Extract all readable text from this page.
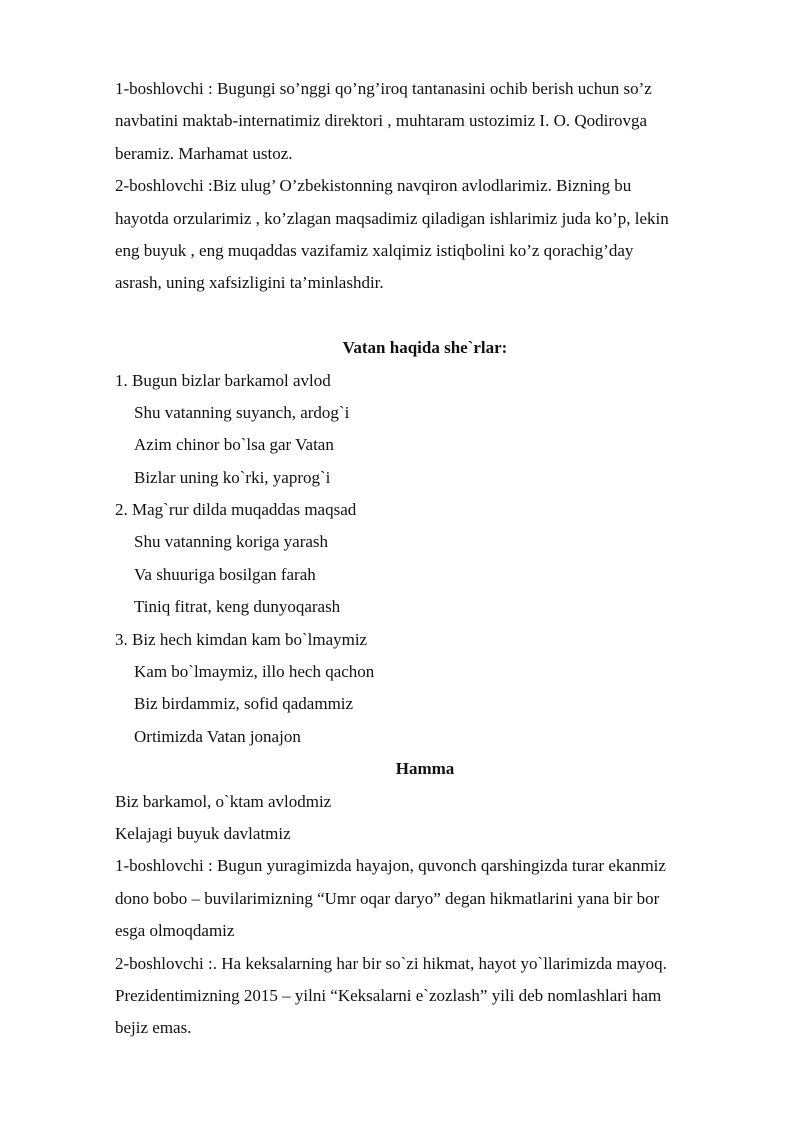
1-boshlovchi : Bugungi so’nggi qo’ng’iroq tantanasini ochib berish uchun so’z
navbatini maktab-internatimiz direktori , muhtaram ustozimiz I. O. Qodirovga
beramiz. Marhamat ustoz.
2-boshlovchi :Biz ulug’ O’zbekistonning navqiron avlodlarimiz. Bizning bu
hayotda orzularimiz , ko’zlagan maqsadimiz qiladigan ishlarimiz juda ko’p, lekin
eng buyuk , eng muqaddas vazifamiz xalqimiz istiqbolini ko’z qorachig’day
asrash, uning xafsizligini ta’minlashdir.
Vatan haqida she`rlar:
1. Bugun bizlar barkamol avlod
Shu vatanning suyanch, ardog`i
Azim chinor bo`lsa gar Vatan
Bizlar uning ko`rki, yaprog`i
2. Mag`rur dilda muqaddas maqsad
Shu vatanning koriga yarash
Va shuuriga bosilgan farah
Tiniq fitrat, keng dunyoqarash
3. Biz hech kimdan kam bo`lmaymiz
Kam bo`lmaymiz, illo hech qachon
Biz birdammiz, sofid qadammiz
Ortimizda Vatan jonajon
Hamma
Biz barkamol, o`ktam avlodmiz
Kelajagi buyuk davlatmiz
1-boshlovchi : Bugun yuragimizda hayajon, quvonch qarshingizda turar ekanmiz
dono bobo – buvilarimizning “Umr oqar daryo” degan hikmatlarini yana bir bor
esga olmoqdamiz
2-boshlovchi :. Ha keksalarning har bir so`zi hikmat, hayot yo`llarimizda mayoq.
Prezidentimizning 2015 – yilni “Keksalarni e`zozlash” yili deb nomlashlari ham
bejiz emas.
